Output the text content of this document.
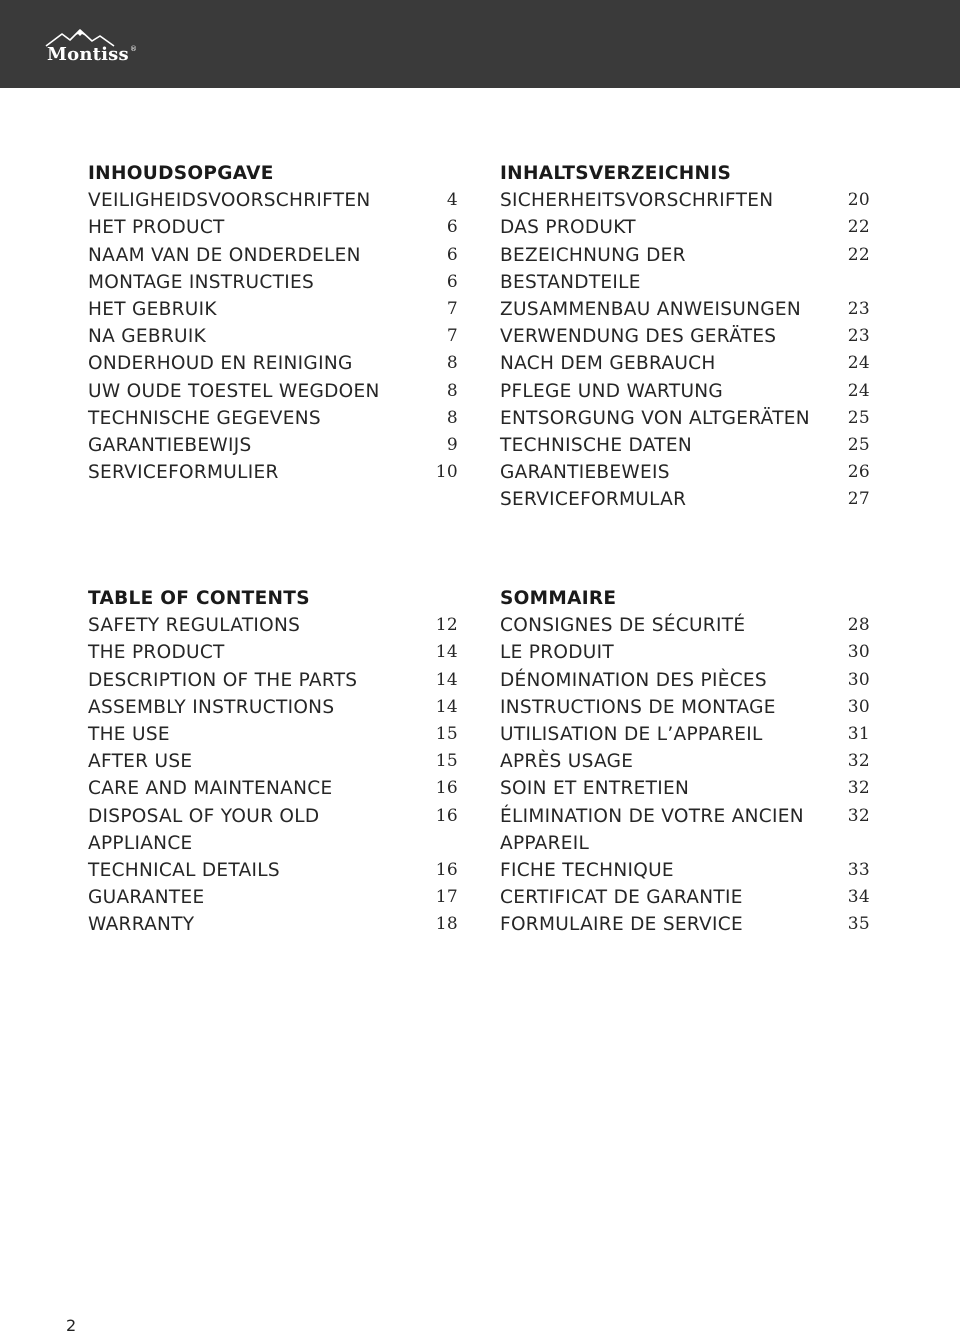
Montiss ®
INHOUDSOPGAVE
VEILIGHEIDSVOORSCHRIFTEN	4
HET PRODUCT	6
NAAM VAN DE ONDERDELEN	6
MONTAGE INSTRUCTIES	6
HET GEBRUIK	7
NA GEBRUIK	7
ONDERHOUD EN REINIGING	8
UW OUDE TOESTEL WEGDOEN	8
TECHNISCHE GEGEVENS	8
GARANTIEBEWIJS	9
SERVICEFORMULIER	10
INHALTSVERZEICHNIS
SICHERHEITSVORSCHRIFTEN	20
DAS PRODUKT	22
BEZEICHNUNG DER	22
BESTANDTEILE
ZUSAMMENBAU ANWEISUNGEN	23
VERWENDUNG DES GERÄTES	23
NACH DEM GEBRAUCH	24
PFLEGE UND WARTUNG	24
ENTSORGUNG VON ALTGERÄTEN	25
TECHNISCHE DATEN	25
GARANTIEBEWEIS	26
SERVICEFORMULAR	27
TABLE OF CONTENTS
SAFETY REGULATIONS	12
THE PRODUCT	14
DESCRIPTION OF THE PARTS	14
ASSEMBLY INSTRUCTIONS	14
THE USE	15
AFTER USE	15
CARE AND MAINTENANCE	16
DISPOSAL OF YOUR OLD	16
APPLIANCE
TECHNICAL DETAILS	16
GUARANTEE	17
WARRANTY	18
SOMMAIRE
CONSIGNES DE SÉCURITÉ	28
LE PRODUIT	30
DÉNOMINATION DES PIÈCES	30
INSTRUCTIONS DE MONTAGE	30
UTILISATION DE L’APPAREIL	31
APRÈS USAGE	32
SOIN ET ENTRETIEN	32
ÉLIMINATION DE VOTRE ANCIEN	32
APPAREIL
FICHE TECHNIQUE	33
CERTIFICAT DE GARANTIE	34
FORMULAIRE DE SERVICE	35
2
